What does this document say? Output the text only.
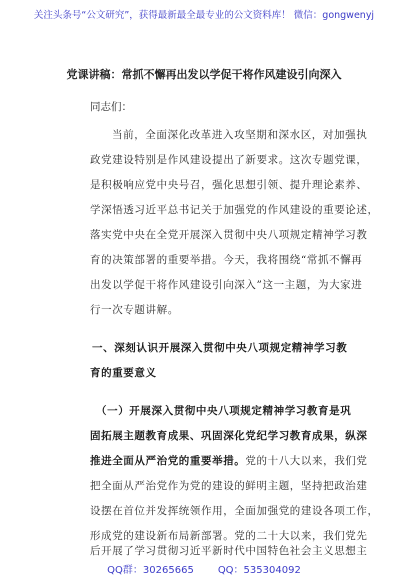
关注头条号“公文研究”，获得最新最全最专业的公文资料库！ 微信：gongwenyj
党课讲稿：常抓不懈再出发以学促干将作风建设引向深入
同志们：
当前，全面深化改革进入攻坚期和深水区，对加强执
政党建设特别是作风建设提出了新要求。这次专题党课，
是积极响应党中央号召，强化思想引领、提升理论素养、
学深悟透习近平总书记关于加强党的作风建设的重要论述，
落实党中央在全党开展深入贯彻中央八项规定精神学习教
育的决策部署的重要举措。今天，我将围绕“常抓不懈再
出发以学促干将作风建设引向深入”这一主题，为大家进
行一次专题讲解。
一、深刻认识开展深入贯彻中央八项规定精神学习教
育的重要意义
（一）开展深入贯彻中央八项规定精神学习教育是巩
固拓展主题教育成果、巩固深化党纪学习教育成果，纵深
推进全面从严治党的重要举措。党的十八大以来，我们党
把全面从严治党作为党的建设的鲜明主题，坚持把政治建
设摆在首位并发挥统领作用，全面加强党的建设各项工作，
形成党的建设新布局新部署。党的二十大以来，我们党先
后开展了学习贯彻习近平新时代中国特色社会主义思想主
QQ群：30265665 QQ：535304092
